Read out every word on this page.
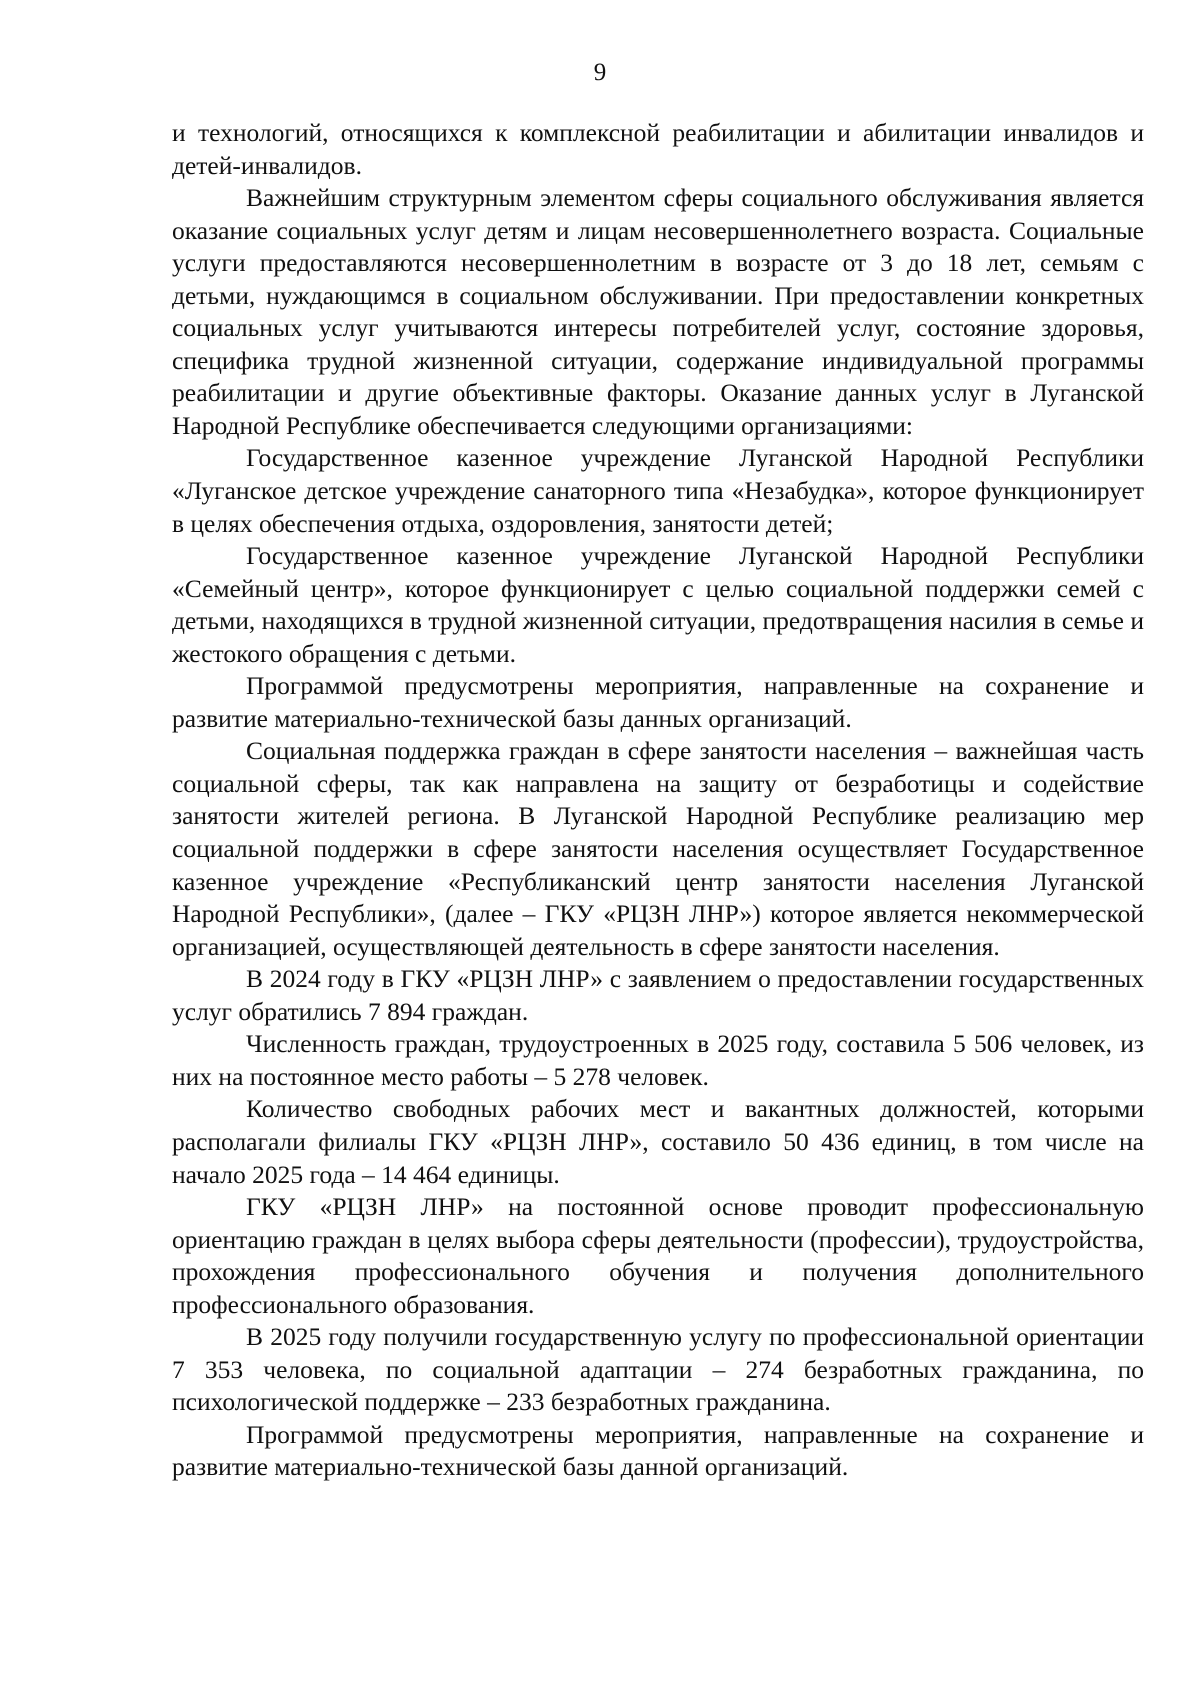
9

и технологий, относящихся к комплексной реабилитации и абилитации инвалидов и детей-инвалидов.

Важнейшим структурным элементом сферы социального обслуживания является оказание социальных услуг детям и лицам несовершеннолетнего возраста. Социальные услуги предоставляются несовершеннолетним в возрасте от 3 до 18 лет, семьям с детьми, нуждающимся в социальном обслуживании. При предоставлении конкретных социальных услуг учитываются интересы потребителей услуг, состояние здоровья, специфика трудной жизненной ситуации, содержание индивидуальной программы реабилитации и другие объективные факторы. Оказание данных услуг в Луганской Народной Республике обеспечивается следующими организациями:

Государственное казенное учреждение Луганской Народной Республики «Луганское детское учреждение санаторного типа «Незабудка», которое функционирует в целях обеспечения отдыха, оздоровления, занятости детей;

Государственное казенное учреждение Луганской Народной Республики «Семейный центр», которое функционирует с целью социальной поддержки семей с детьми, находящихся в трудной жизненной ситуации, предотвращения насилия в семье и жестокого обращения с детьми.

Программой предусмотрены мероприятия, направленные на сохранение и развитие материально-технической базы данных организаций.

Социальная поддержка граждан в сфере занятости населения – важнейшая часть социальной сферы, так как направлена на защиту от безработицы и содействие занятости жителей региона. В Луганской Народной Республике реализацию мер социальной поддержки в сфере занятости населения осуществляет Государственное казенное учреждение «Республиканский центр занятости населения Луганской Народной Республики», (далее – ГКУ «РЦЗН ЛНР») которое является некоммерческой организацией, осуществляющей деятельность в сфере занятости населения.

В 2024 году в ГКУ «РЦЗН ЛНР» с заявлением о предоставлении государственных услуг обратились 7 894 граждан.

Численность граждан, трудоустроенных в 2025 году, составила 5 506 человек, из них на постоянное место работы – 5 278 человек.

Количество свободных рабочих мест и вакантных должностей, которыми располагали филиалы ГКУ «РЦЗН ЛНР», составило 50 436 единиц, в том числе на начало 2025 года – 14 464 единицы.

ГКУ «РЦЗН ЛНР» на постоянной основе проводит профессиональную ориентацию граждан в целях выбора сферы деятельности (профессии), трудоустройства, прохождения профессионального обучения и получения дополнительного профессионального образования.

В 2025 году получили государственную услугу по профессиональной ориентации 7 353 человека, по социальной адаптации – 274 безработных гражданина, по психологической поддержке – 233 безработных гражданина.

Программой предусмотрены мероприятия, направленные на сохранение и развитие материально-технической базы данной организаций.
